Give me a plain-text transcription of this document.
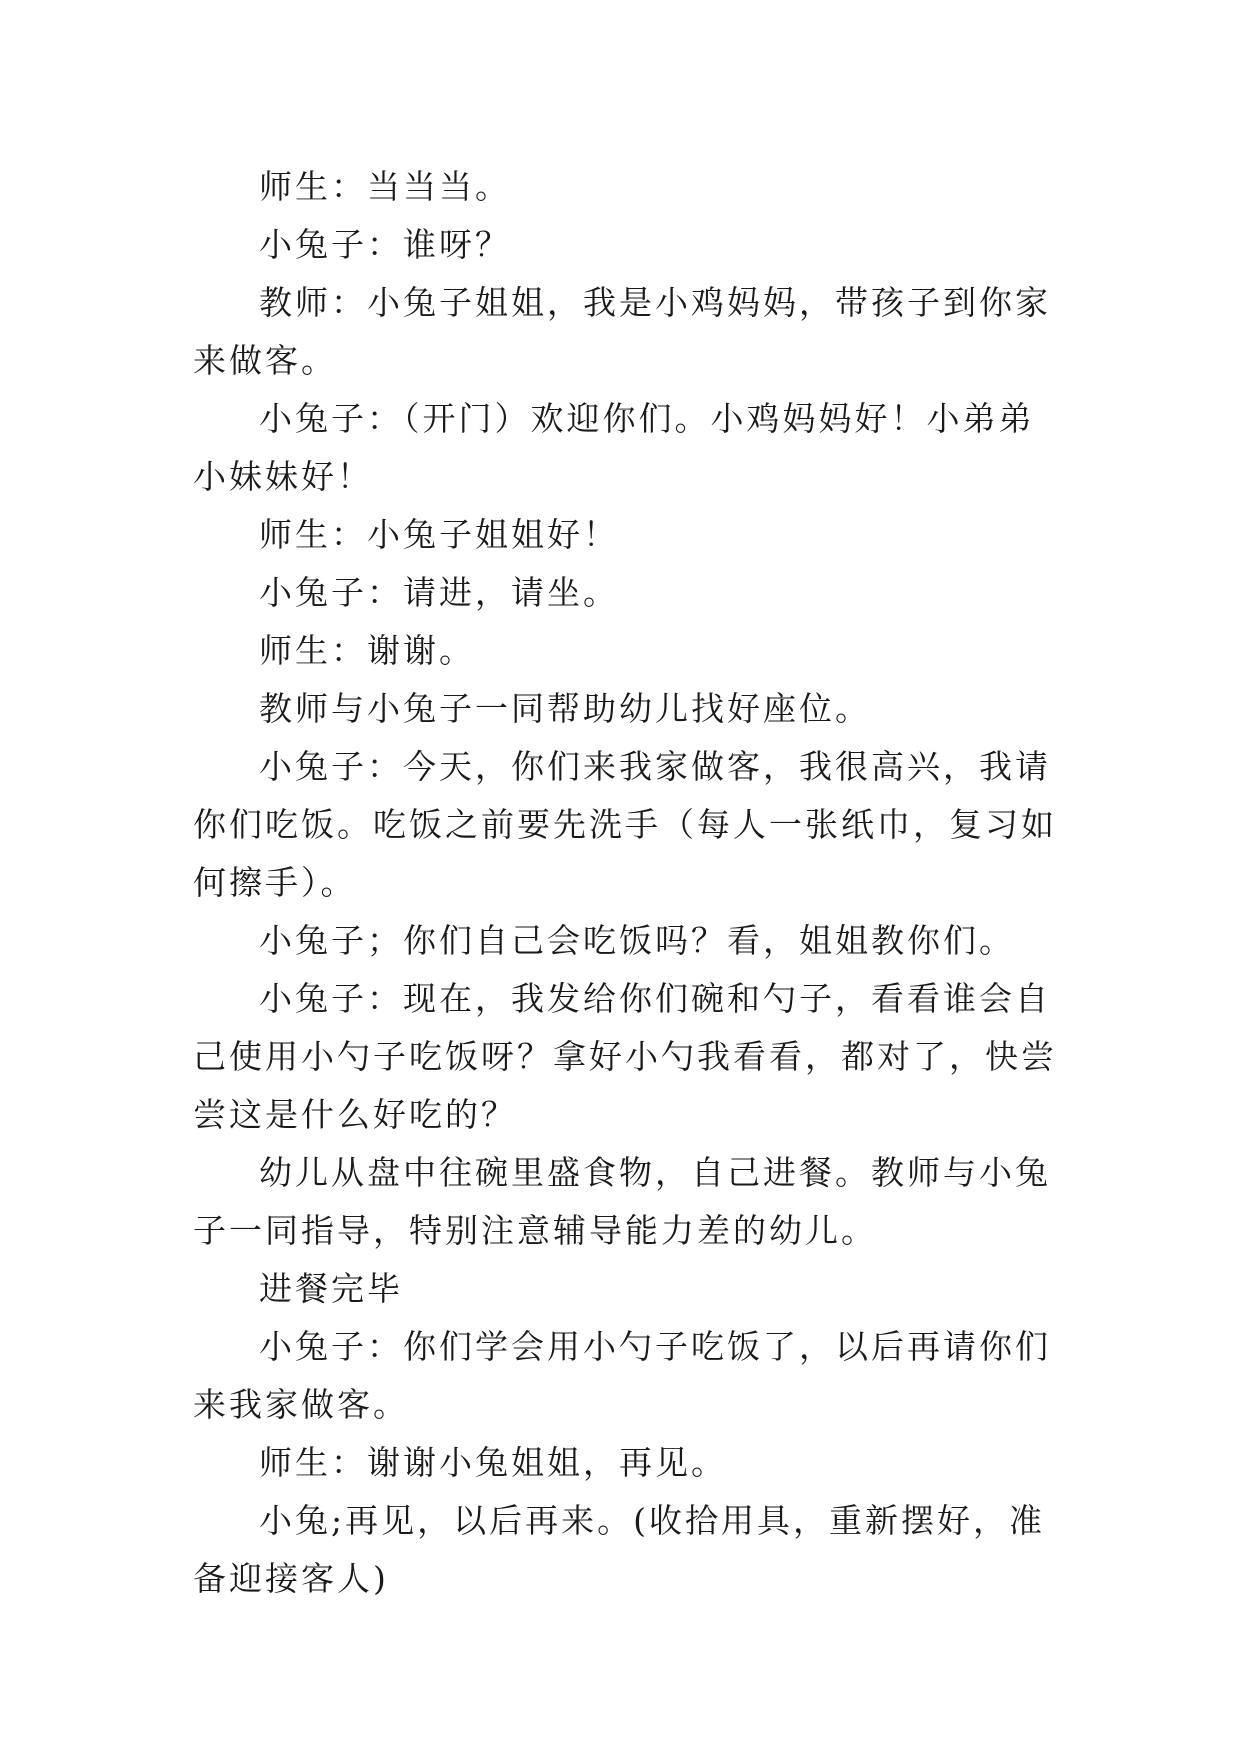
师生：当当当。

小兔子：谁呀？

教师：小兔子姐姐，我是小鸡妈妈，带孩子到你家来做客。

小兔子：（开门）欢迎你们。小鸡妈妈好！小弟弟小妹妹好！

师生：小兔子姐姐好！

小兔子：请进，请坐。

师生：谢谢。

教师与小兔子一同帮助幼儿找好座位。

小兔子：今天，你们来我家做客，我很高兴，我请你们吃饭。吃饭之前要先洗手（每人一张纸巾，复习如何擦手）。

小兔子；你们自己会吃饭吗？看，姐姐教你们。

小兔子：现在，我发给你们碗和勺子，看看谁会自己使用小勺子吃饭呀？拿好小勺我看看，都对了，快尝尝这是什么好吃的？

幼儿从盘中往碗里盛食物，自己进餐。教师与小兔子一同指导，特别注意辅导能力差的幼儿。

进餐完毕

小兔子：你们学会用小勺子吃饭了，以后再请你们来我家做客。

师生：谢谢小兔姐姐，再见。

小兔;再见，以后再来。(收拾用具，重新摆好，准备迎接客人)
